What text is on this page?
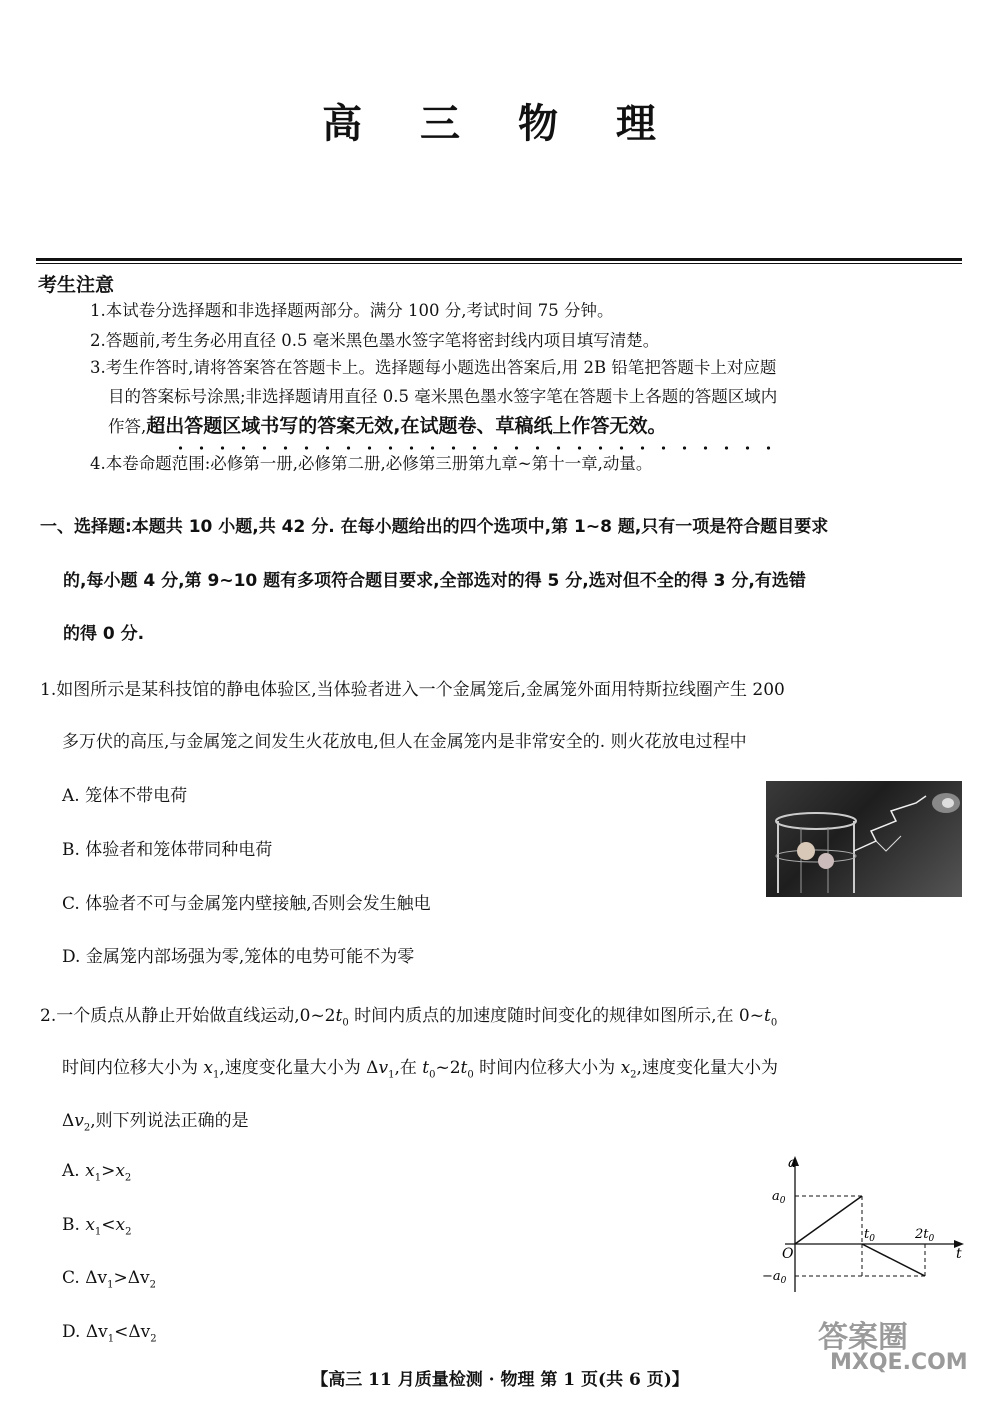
高 三 物 理
考生注意
1.本试卷分选择题和非选择题两部分。满分 100 分,考试时间 75 分钟。
2.答题前,考生务必用直径 0.5 毫米黑色墨水签字笔将密封线内项目填写清楚。
3.考生作答时,请将答案答在答题卡上。选择题每小题选出答案后,用 2B 铅笔把答题卡上对应题
目的答案标号涂黑;非选择题请用直径 0.5 毫米黑色墨水签字笔在答题卡上各题的答题区域内
作答,超出答题区域书写的答案无效,在试题卷、草稿纸上作答无效。
4.本卷命题范围:必修第一册,必修第二册,必修第三册第九章~第十一章,动量。
一、选择题:本题共 10 小题,共 42 分. 在每小题给出的四个选项中,第 1~8 题,只有一项是符合题目要求
的,每小题 4 分,第 9~10 题有多项符合题目要求,全部选对的得 5 分,选对但不全的得 3 分,有选错
的得 0 分.
1.如图所示是某科技馆的静电体验区,当体验者进入一个金属笼后,金属笼外面用特斯拉线圈产生 200
多万伏的高压,与金属笼之间发生火花放电,但人在金属笼内是非常安全的. 则火花放电过程中
A. 笼体不带电荷
B. 体验者和笼体带同种电荷
C. 体验者不可与金属笼内壁接触,否则会发生触电
D. 金属笼内部场强为零,笼体的电势可能不为零
2.一个质点从静止开始做直线运动$,0\sim 2t_0$ 时间内质点的加速度随时间变化的规律如图所示,在 $0\sim t_0$
时间内位移大小为 $x_1$,速度变化量大小为 $\Delta v_1$,在 $t_0\sim 2t_0$ 时间内位移大小为 $x_2$,速度变化量大小为
$\Delta v_2$,则下列说法正确的是
A. $x_1>x_2$
B. $x_1<x_2$
C. $\Delta v_1>\Delta v_2$
D. $\Delta v_1<\Delta v_2$
a
t
O
$a_0$
$-a_0$
$t_0$	$2t_0$
答案圈
MXQE.COM
【高三 11 月质量检测 · 物理 第 1 页(共 6 页)】
